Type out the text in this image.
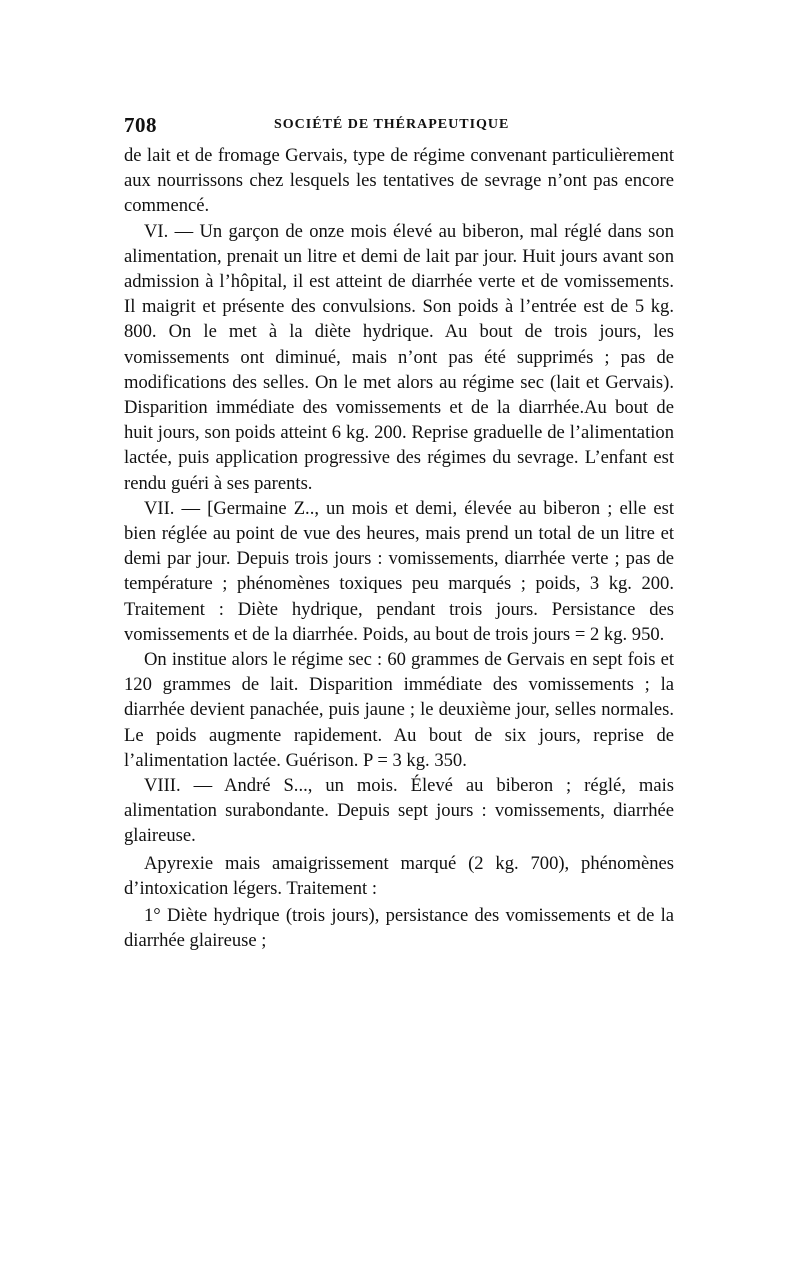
708	SOCIÉTÉ DE THÉRAPEUTIQUE

de lait et de fromage Gervais, type de régime convenant particulièrement aux nourrissons chez lesquels les tentatives de sevrage n’ont pas encore commencé.

VI. — Un garçon de onze mois élevé au biberon, mal réglé dans son alimentation, prenait un litre et demi de lait par jour. Huit jours avant son admission à l’hôpital, il est atteint de diarrhée verte et de vomissements. Il maigrit et présente des convulsions. Son poids à l’entrée est de 5 kg. 800. On le met à la diète hydrique. Au bout de trois jours, les vomissements ont diminué, mais n’ont pas été supprimés ; pas de modifications des selles. On le met alors au régime sec (lait et Gervais). Disparition immédiate des vomissements et de la diarrhée.Au bout de huit jours, son poids atteint 6 kg. 200. Reprise graduelle de l’alimentation lactée, puis application progressive des régimes du sevrage. L’enfant est rendu guéri à ses parents.

VII. — [Germaine Z.., un mois et demi, élevée au biberon ; elle est bien réglée au point de vue des heures, mais prend un total de un litre et demi par jour. Depuis trois jours : vomissements, diarrhée verte ; pas de température ; phénomènes toxiques peu marqués ; poids, 3 kg. 200. Traitement : Diète hydrique, pendant trois jours. Persistance des vomissements et de la diarrhée. Poids, au bout de trois jours = 2 kg. 950.

On institue alors le régime sec : 60 grammes de Gervais en sept fois et 120 grammes de lait. Disparition immédiate des vomissements ; la diarrhée devient panachée, puis jaune ; le deuxième jour, selles normales. Le poids augmente rapidement. Au bout de six jours, reprise de l’alimentation lactée. Guérison. P = 3 kg. 350.

VIII. — André S..., un mois. Élevé au biberon ; réglé, mais alimentation surabondante. Depuis sept jours : vomissements, diarrhée glaireuse.

Apyrexie mais amaigrissement marqué (2 kg. 700), phénomènes d’intoxication légers. Traitement :

1° Diète hydrique (trois jours), persistance des vomissements et de la diarrhée glaireuse ;
